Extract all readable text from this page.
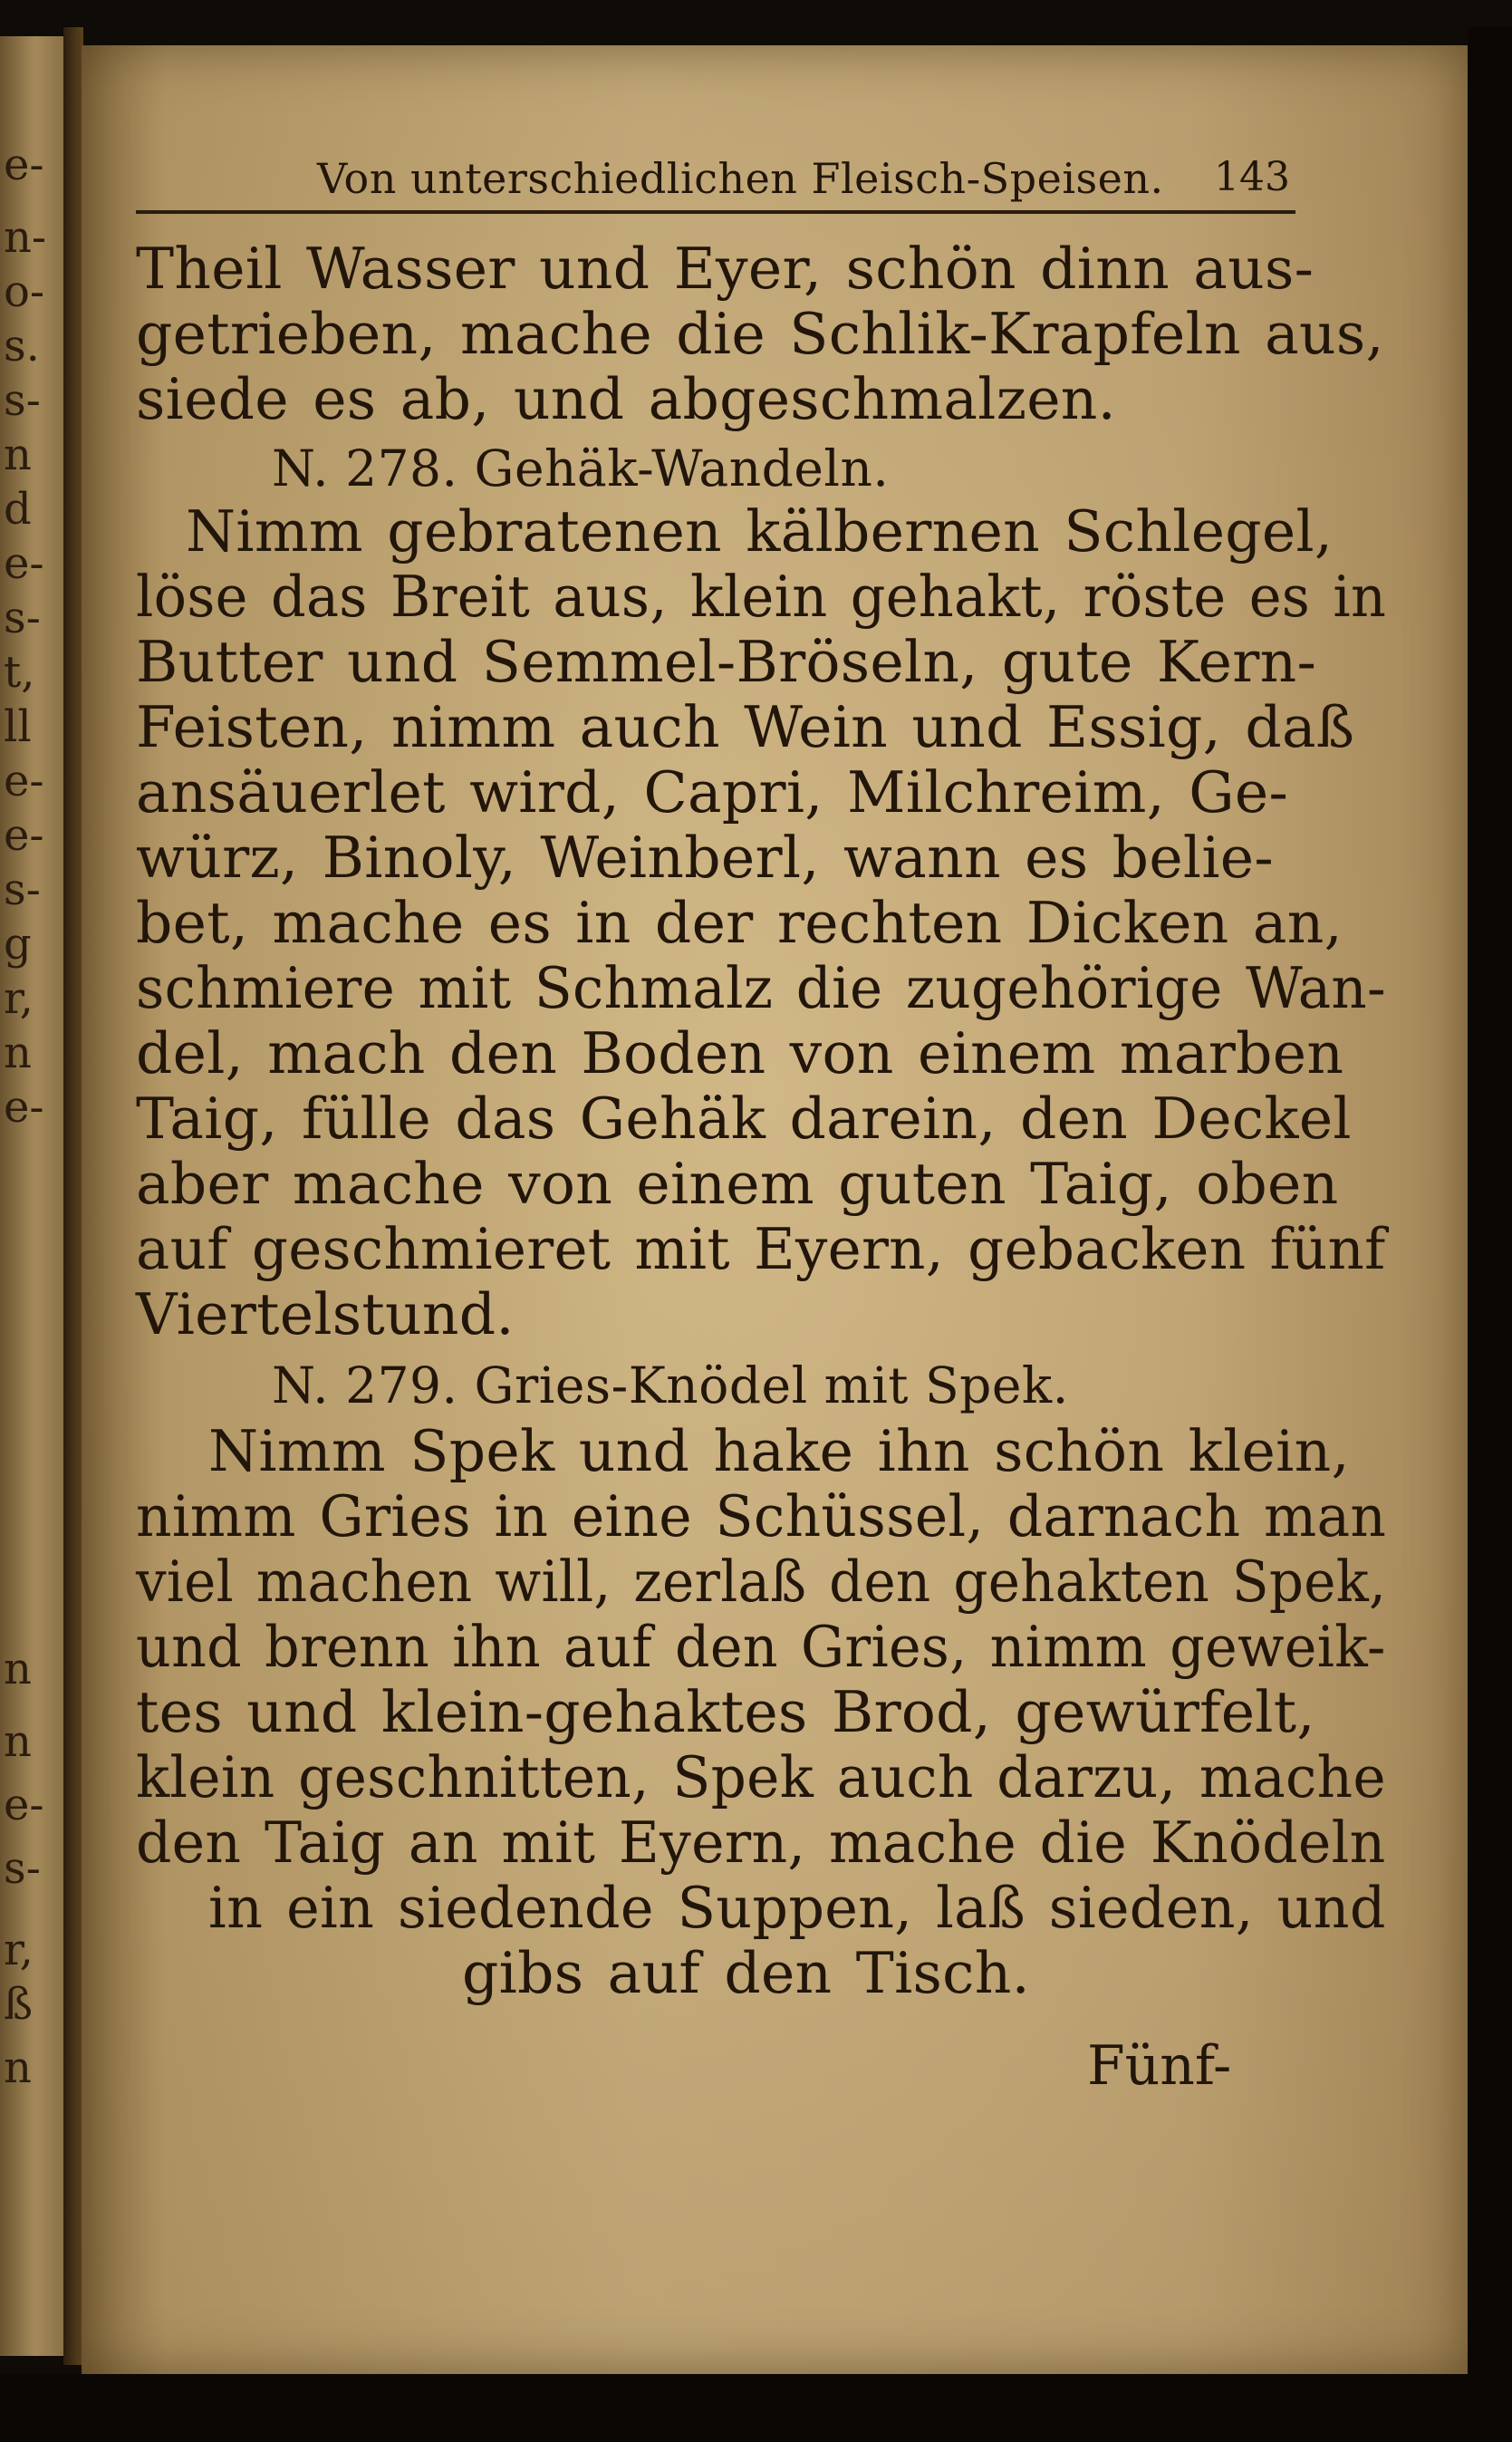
e-
n-
o-
s.
s-
n
d
e-
s-
t,
ll
e-
e-
s-
g
r,
n
e-
n
n
e-
s-
r,
ß
n
Von unterschiedlichen Fleisch-Speisen. 143
Theil Wasser und Eyer, schön dinn aus-
getrieben, mache die Schlik-Krapfeln aus,
siede es ab, und abgeschmalzen.
N. 278. Gehäk-Wandeln.
Nimm gebratenen kälbernen Schlegel,
löse das Breit aus, klein gehakt, röste es in
Butter und Semmel-Bröseln, gute Kern-
Feisten, nimm auch Wein und Essig, daß
ansäuerlet wird, Capri, Milchreim, Ge-
würz, Binoly, Weinberl, wann es belie-
bet, mache es in der rechten Dicken an,
schmiere mit Schmalz die zugehörige Wan-
del, mach den Boden von einem marben
Taig, fülle das Gehäk darein, den Deckel
aber mache von einem guten Taig, oben
auf geschmieret mit Eyern, gebacken fünf
Viertelstund.
N. 279. Gries-Knödel mit Spek.
Nimm Spek und hake ihn schön klein,
nimm Gries in eine Schüssel, darnach man
viel machen will, zerlaß den gehakten Spek,
und brenn ihn auf den Gries, nimm geweik-
tes und klein-gehaktes Brod, gewürfelt,
klein geschnitten, Spek auch darzu, mache
den Taig an mit Eyern, mache die Knödeln
in ein siedende Suppen, laß sieden, und
gibs auf den Tisch.
Fünf-
